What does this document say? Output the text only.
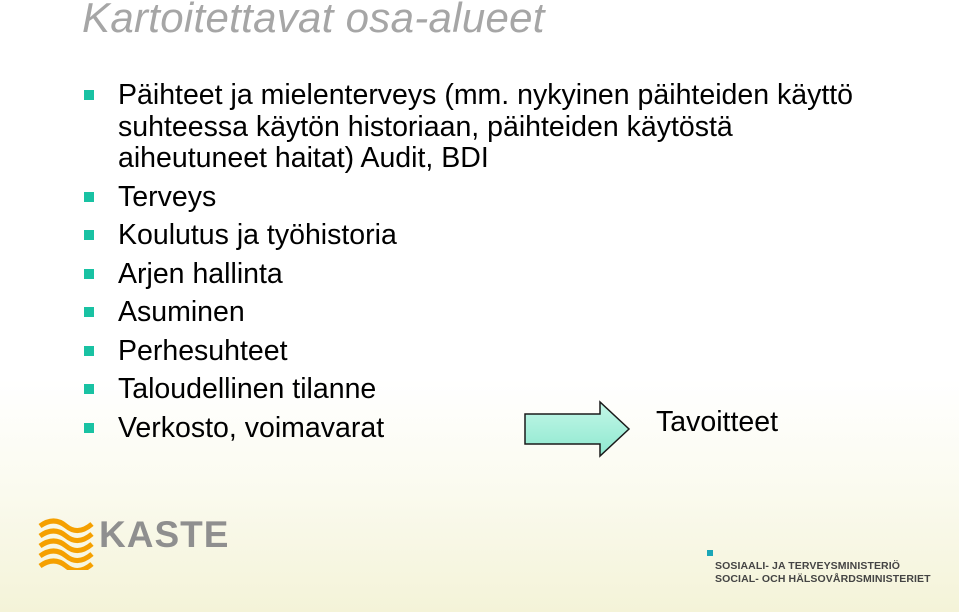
Kartoitettavat osa-alueet
Päihteet ja mielenterveys (mm. nykyinen päihteiden käyttö suhteessa käytön historiaan, päihteiden käytöstä aiheutuneet haitat) Audit, BDI
Terveys
Koulutus ja työhistoria
Arjen hallinta
Asuminen
Perhesuhteet
Taloudellinen tilanne
Verkosto, voimavarat	Tavoitteet
KASTE
SOSIAALI- JA TERVEYSMINISTERIÖ
SOCIAL- OCH HÄLSOVÅRDSMINISTERIET
